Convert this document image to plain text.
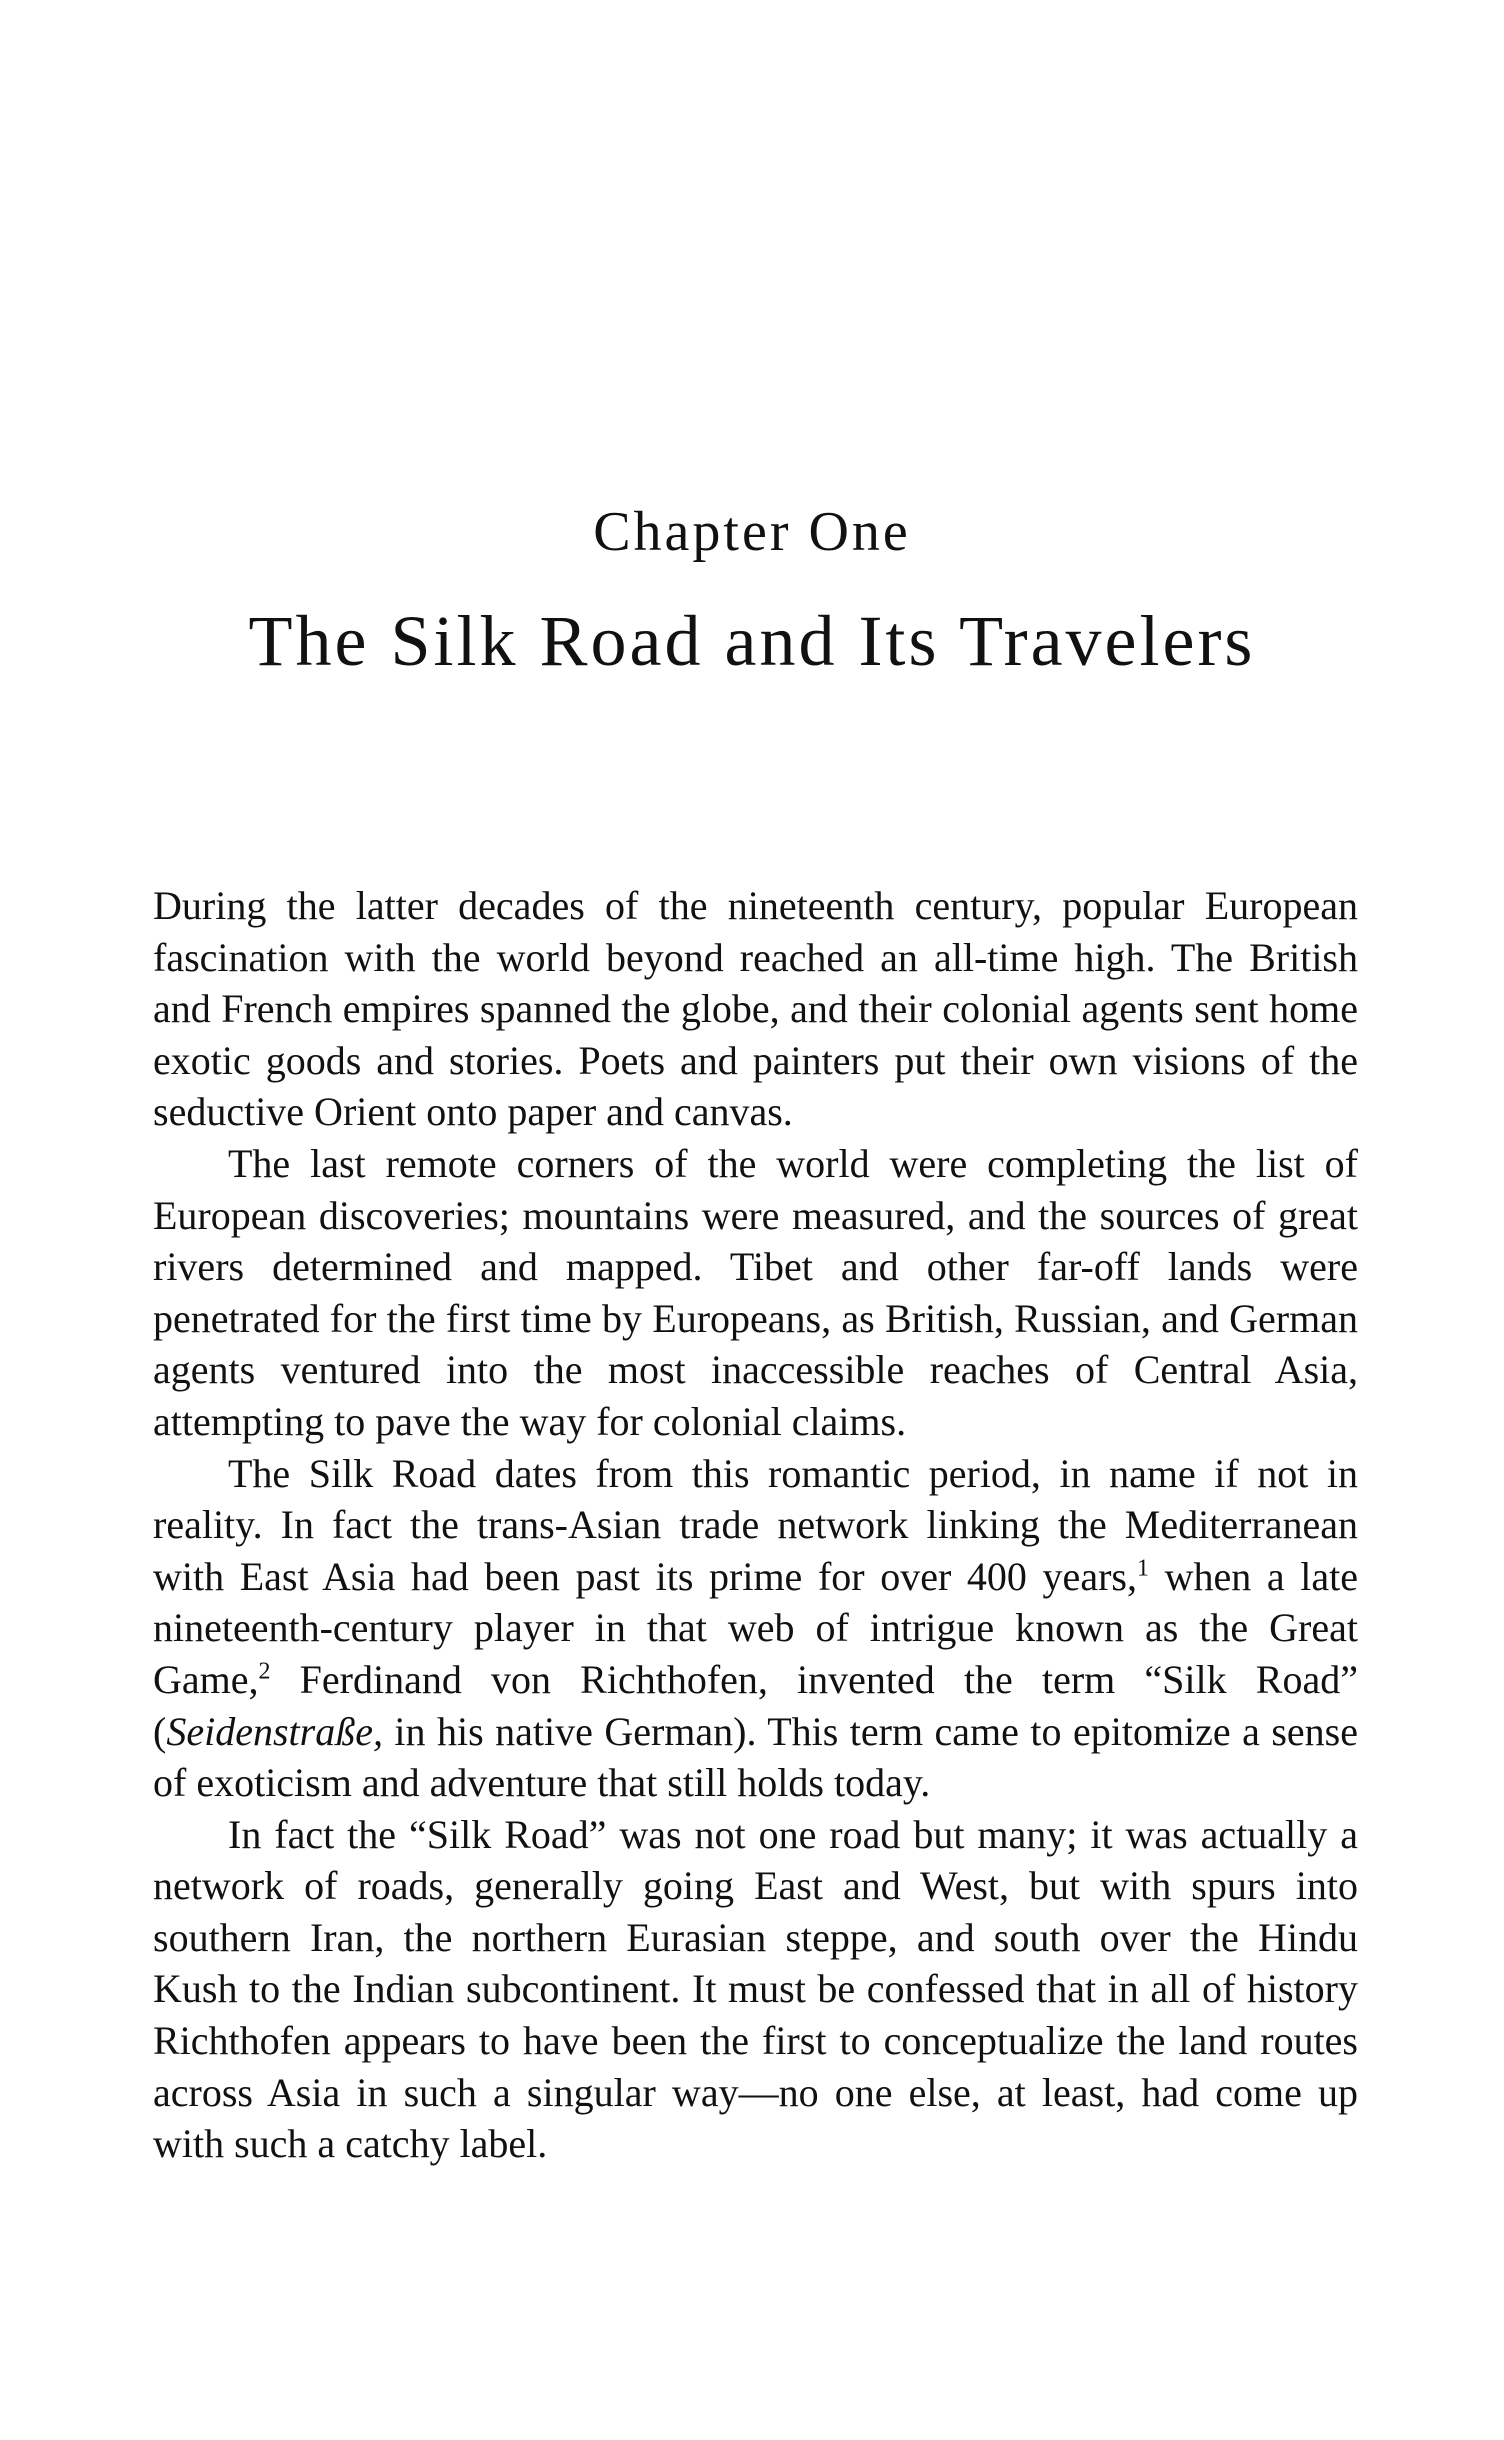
Chapter One
The Silk Road and Its Travelers

During the latter decades of the nineteenth century, popular European fascination with the world beyond reached an all-time high. The British and French empires spanned the globe, and their colonial agents sent home exotic goods and stories. Poets and painters put their own visions of the seductive Orient onto paper and canvas.

The last remote corners of the world were completing the list of European discoveries; mountains were measured, and the sources of great rivers determined and mapped. Tibet and other far-off lands were penetrated for the first time by Europeans, as British, Russian, and German agents ventured into the most inaccessible reaches of Central Asia, attempting to pave the way for colonial claims.

The Silk Road dates from this romantic period, in name if not in reality. In fact the trans-Asian trade network linking the Mediterranean with East Asia had been past its prime for over 400 years,$^1$ when a late nineteenth-century player in that web of intrigue known as the Great Game,$^2$ Ferdinand von Richthofen, invented the term “Silk Road” (Seidenstraße, in his native German). This term came to epitomize a sense of exoticism and adventure that still holds today.

In fact the “Silk Road” was not one road but many; it was actually a network of roads, generally going East and West, but with spurs into southern Iran, the northern Eurasian steppe, and south over the Hindu Kush to the Indian subcontinent. It must be confessed that in all of history Richthofen appears to have been the first to conceptualize the land routes across Asia in such a singular way—no one else, at least, had come up with such a catchy label.
